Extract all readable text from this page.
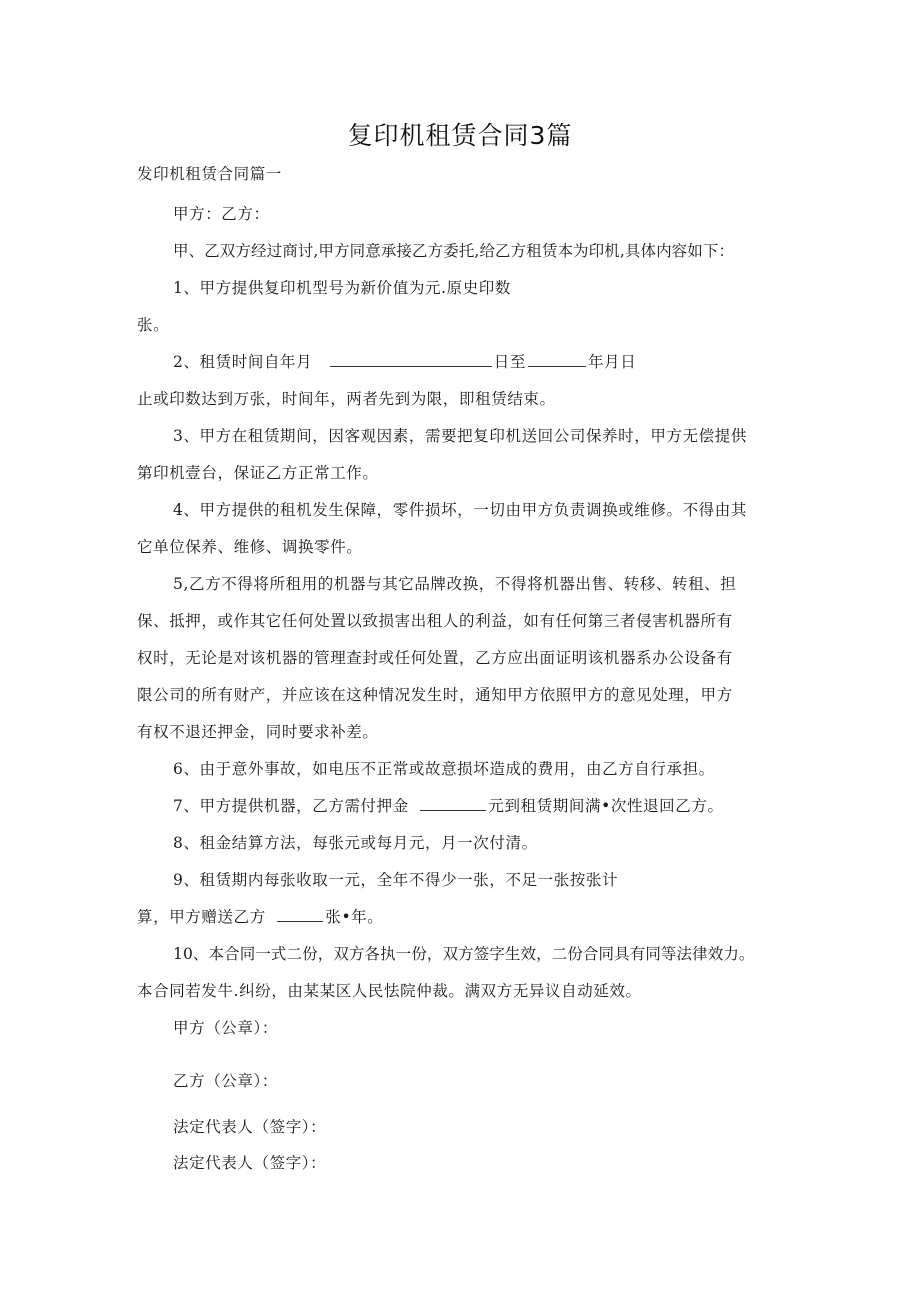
复印机租赁合同3篇
发印机租赁合同篇一
甲方：乙方：
甲、乙双方经过商讨,甲方同意承接乙方委托,给乙方租赁本为印机,具体内容如下：
1、甲方提供复印机型号为新价值为元.原史印数
张。
2、租赁时间自年月	日至	年月日
止或印数达到万张，时间年，两者先到为限，即租赁结束。
3、甲方在租赁期间，因客观因素，需要把复印机送回公司保养时，甲方无偿提供
第印机壹台，保证乙方正常工作。
4、甲方提供的租机发生保障，零件损坏，一切由甲方负责调换或维修。不得由其
它单位保养、维修、调换零件。
5,乙方不得将所租用的机器与其它品牌改换，不得将机器出售、转移、转租、担
保、抵押，或作其它任何处置以致损害出租人的利益，如有任何第三者侵害机器所有
权时，无论是对该机器的管理查封或任何处置，乙方应出面证明该机器系办公设备有
限公司的所有财产，并应该在这种情况发生时，通知甲方依照甲方的意见处理，甲方
有权不退还押金，同时要求补差。
6、由于意外事故，如电压不正常或故意损坏造成的费用，由乙方自行承担。
7、甲方提供机器，乙方需付押金	元到租赁期间满•次性退回乙方。
8、租金结算方法，每张元或每月元，月一次付清。
9、租赁期内每张收取一元，全年不得少一张，不足一张按张计
算，甲方赠送乙方	张•年。
10、本合同一式二份，双方各执一份，双方签字生效，二份合同具有同等法律效力。
本合同若发牛.纠纷，由某某区人民怯院仲裁。满双方无异议自动延效。
甲方（公章）：
乙方（公章）：
法定代表人（签字）：
法定代表人（签字）：
